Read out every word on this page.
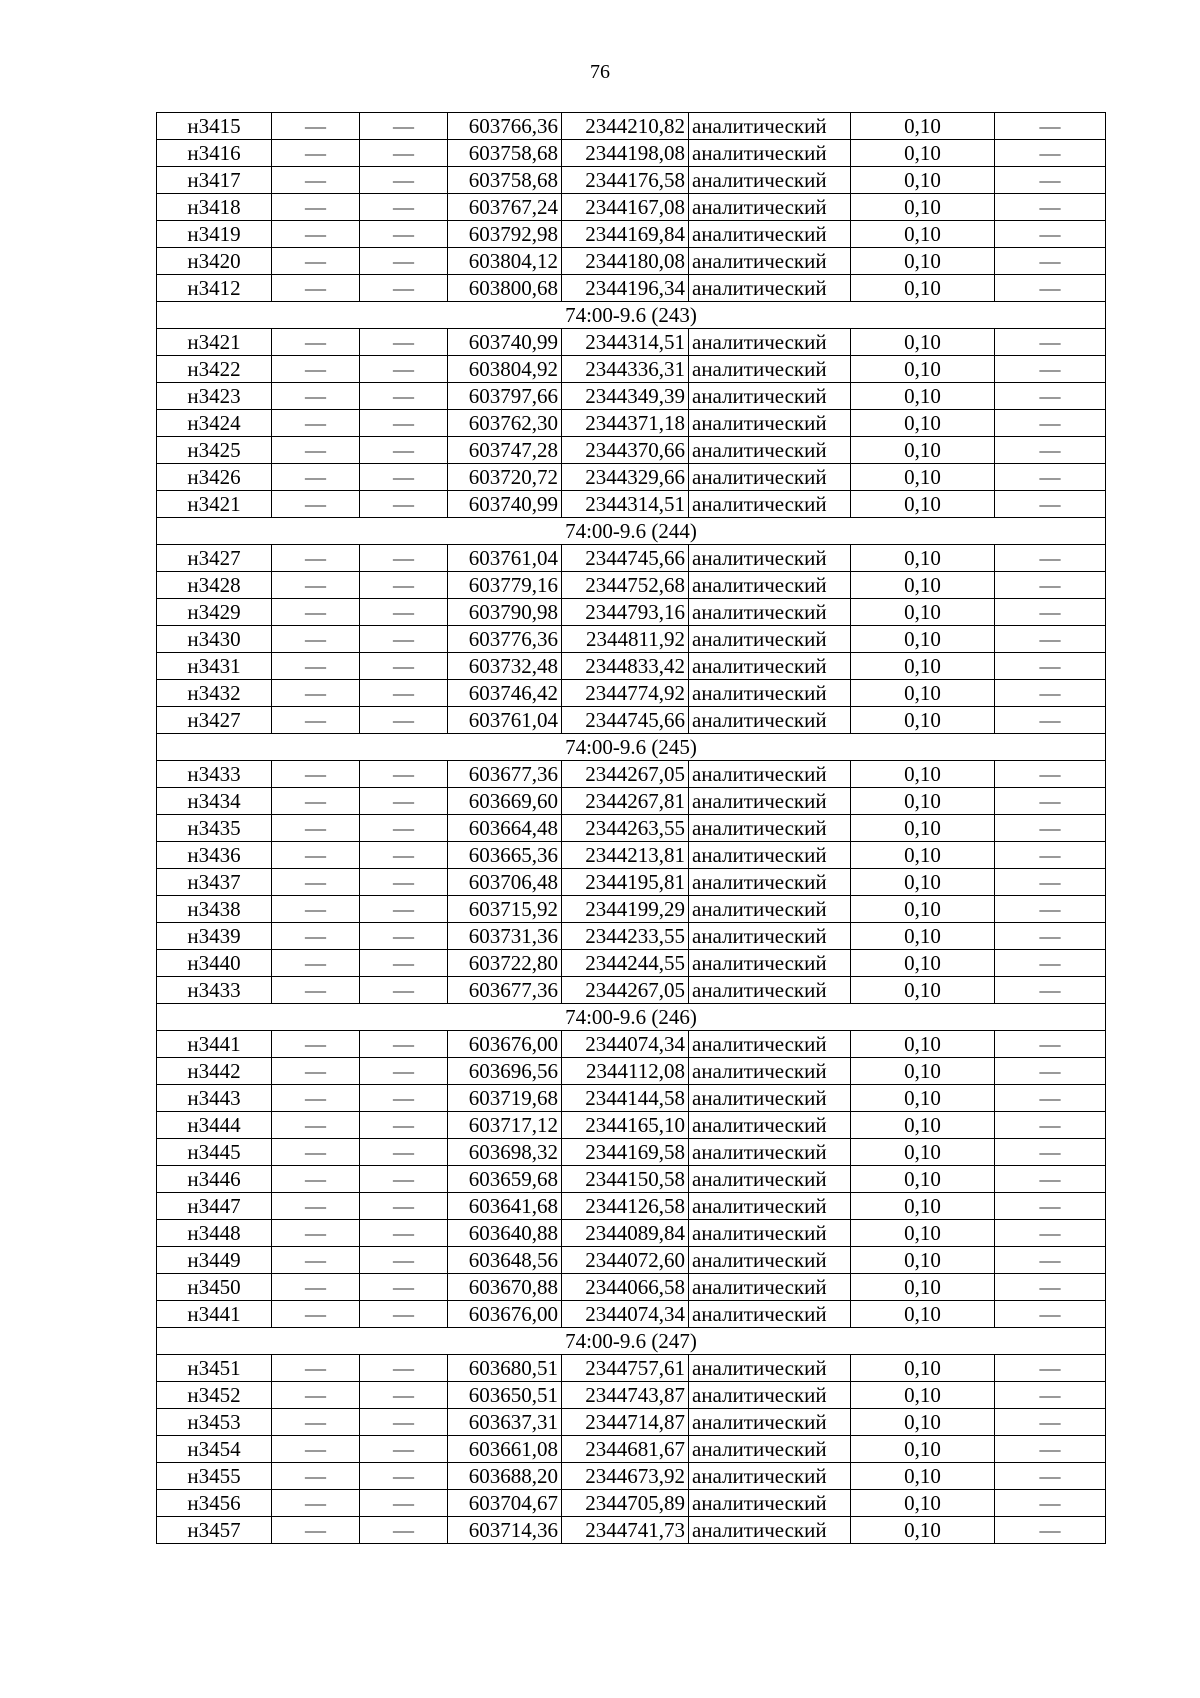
76
н3415	—	—	603766,36	2344210,82	аналитический	0,10	—
н3416	—	—	603758,68	2344198,08	аналитический	0,10	—
н3417	—	—	603758,68	2344176,58	аналитический	0,10	—
н3418	—	—	603767,24	2344167,08	аналитический	0,10	—
н3419	—	—	603792,98	2344169,84	аналитический	0,10	—
н3420	—	—	603804,12	2344180,08	аналитический	0,10	—
н3412	—	—	603800,68	2344196,34	аналитический	0,10	—
74:00-9.6 (243)							
н3421	—	—	603740,99	2344314,51	аналитический	0,10	—
н3422	—	—	603804,92	2344336,31	аналитический	0,10	—
н3423	—	—	603797,66	2344349,39	аналитический	0,10	—
н3424	—	—	603762,30	2344371,18	аналитический	0,10	—
н3425	—	—	603747,28	2344370,66	аналитический	0,10	—
н3426	—	—	603720,72	2344329,66	аналитический	0,10	—
н3421	—	—	603740,99	2344314,51	аналитический	0,10	—
74:00-9.6 (244)							
н3427	—	—	603761,04	2344745,66	аналитический	0,10	—
н3428	—	—	603779,16	2344752,68	аналитический	0,10	—
н3429	—	—	603790,98	2344793,16	аналитический	0,10	—
н3430	—	—	603776,36	2344811,92	аналитический	0,10	—
н3431	—	—	603732,48	2344833,42	аналитический	0,10	—
н3432	—	—	603746,42	2344774,92	аналитический	0,10	—
н3427	—	—	603761,04	2344745,66	аналитический	0,10	—
74:00-9.6 (245)							
н3433	—	—	603677,36	2344267,05	аналитический	0,10	—
н3434	—	—	603669,60	2344267,81	аналитический	0,10	—
н3435	—	—	603664,48	2344263,55	аналитический	0,10	—
н3436	—	—	603665,36	2344213,81	аналитический	0,10	—
н3437	—	—	603706,48	2344195,81	аналитический	0,10	—
н3438	—	—	603715,92	2344199,29	аналитический	0,10	—
н3439	—	—	603731,36	2344233,55	аналитический	0,10	—
н3440	—	—	603722,80	2344244,55	аналитический	0,10	—
н3433	—	—	603677,36	2344267,05	аналитический	0,10	—
74:00-9.6 (246)							
н3441	—	—	603676,00	2344074,34	аналитический	0,10	—
н3442	—	—	603696,56	2344112,08	аналитический	0,10	—
н3443	—	—	603719,68	2344144,58	аналитический	0,10	—
н3444	—	—	603717,12	2344165,10	аналитический	0,10	—
н3445	—	—	603698,32	2344169,58	аналитический	0,10	—
н3446	—	—	603659,68	2344150,58	аналитический	0,10	—
н3447	—	—	603641,68	2344126,58	аналитический	0,10	—
н3448	—	—	603640,88	2344089,84	аналитический	0,10	—
н3449	—	—	603648,56	2344072,60	аналитический	0,10	—
н3450	—	—	603670,88	2344066,58	аналитический	0,10	—
н3441	—	—	603676,00	2344074,34	аналитический	0,10	—
74:00-9.6 (247)							
н3451	—	—	603680,51	2344757,61	аналитический	0,10	—
н3452	—	—	603650,51	2344743,87	аналитический	0,10	—
н3453	—	—	603637,31	2344714,87	аналитический	0,10	—
н3454	—	—	603661,08	2344681,67	аналитический	0,10	—
н3455	—	—	603688,20	2344673,92	аналитический	0,10	—
н3456	—	—	603704,67	2344705,89	аналитический	0,10	—
н3457	—	—	603714,36	2344741,73	аналитический	0,10	—
